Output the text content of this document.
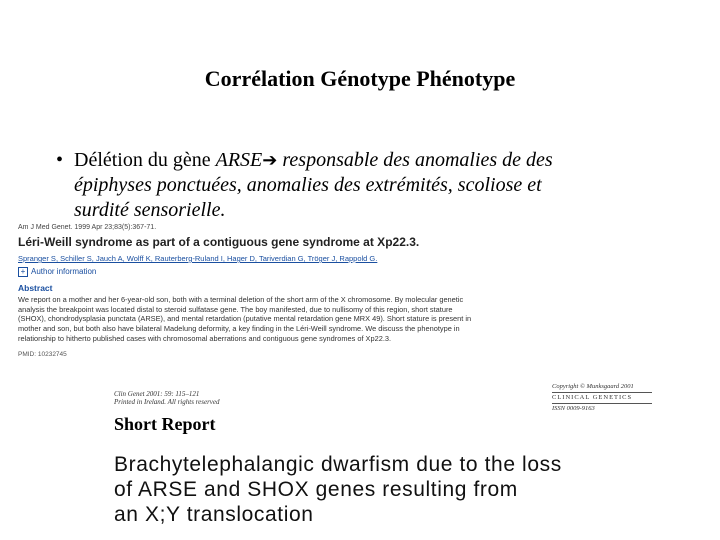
Corrélation Génotype Phénotype
• Délétion du gène ARSE➔ responsable des anomalies de des
épiphyses ponctuées, anomalies des extrémités, scoliose et
surdité sensorielle.
Am J Med Genet. 1999 Apr 23;83(5):367-71.
Léri-Weill syndrome as part of a contiguous gene syndrome at Xp22.3.
Spranger S, Schiller S, Jauch A, Wolff K, Rauterberg-Ruland I, Hager D, Tariverdian G, Tröger J, Rappold G.
+ Author information
Abstract
We report on a mother and her 6-year-old son, both with a terminal deletion of the short arm of the X chromosome. By molecular genetic
analysis the breakpoint was located distal to steroid sulfatase gene. The boy manifested, due to nullisomy of this region, short stature
(SHOX), chondrodysplasia punctata (ARSE), and mental retardation (putative mental retardation gene MRX 49). Short stature is present in
mother and son, but both also have bilateral Madelung deformity, a key finding in the Léri-Weill syndrome. We discuss the phenotype in
relationship to hitherto published cases with chromosomal aberrations and contiguous gene syndromes of Xp22.3.
PMID: 10232745
Clin Genet 2001: 59: 115–121
Printed in Ireland. All rights reserved
Copyright © Munksgaard 2001
CLINICAL GENETICS
ISSN 0009-9163
Short Report
Brachytelephalangic dwarfism due to the loss
of ARSE and SHOX genes resulting from
an X;Y translocation
